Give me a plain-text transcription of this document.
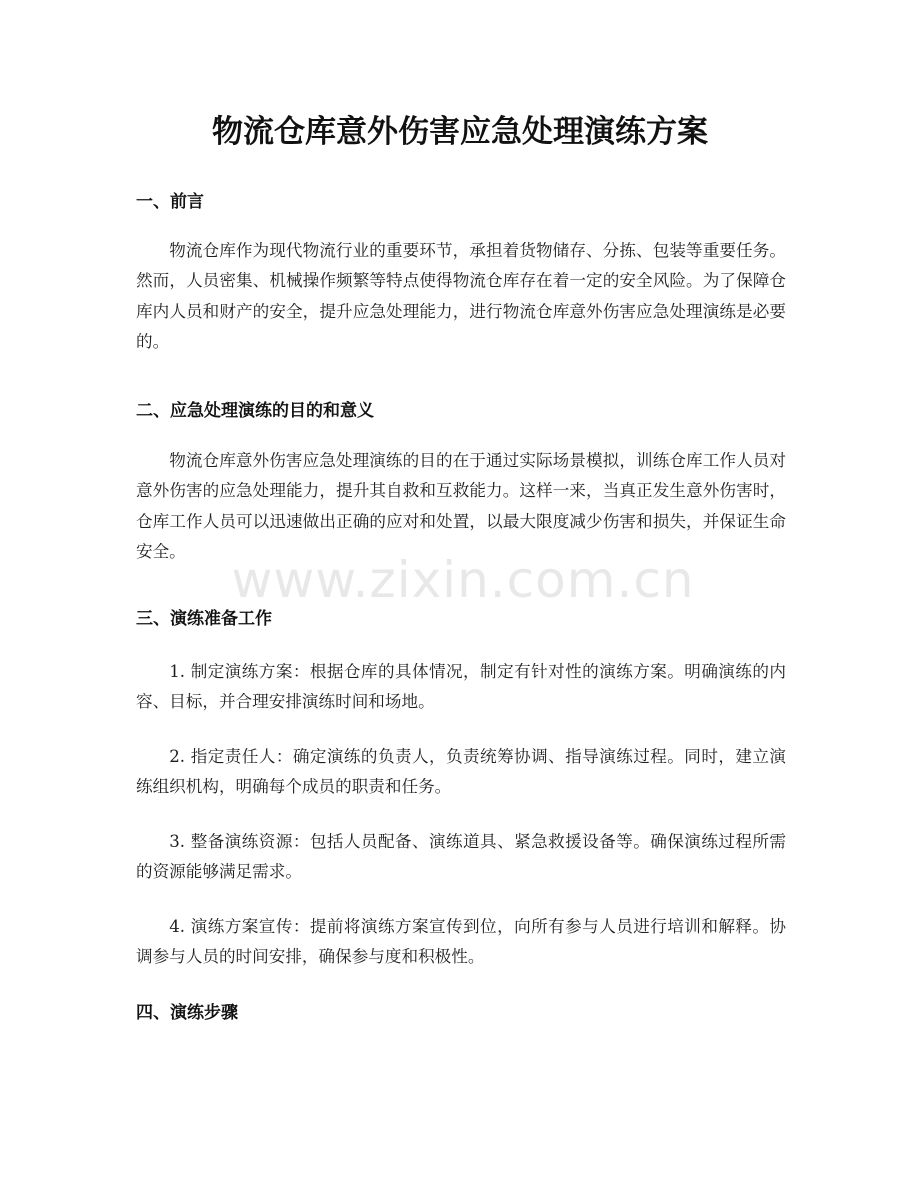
物流仓库意外伤害应急处理演练方案
一、前言

物流仓库作为现代物流行业的重要环节，承担着货物储存、分拣、包装等重要任务。然而，人员密集、机械操作频繁等特点使得物流仓库存在着一定的安全风险。为了保障仓库内人员和财产的安全，提升应急处理能力，进行物流仓库意外伤害应急处理演练是必要的。

二、应急处理演练的目的和意义

物流仓库意外伤害应急处理演练的目的在于通过实际场景模拟，训练仓库工作人员对意外伤害的应急处理能力，提升其自救和互救能力。这样一来，当真正发生意外伤害时，仓库工作人员可以迅速做出正确的应对和处置，以最大限度减少伤害和损失，并保证生命安全。

三、演练准备工作

1. 制定演练方案：根据仓库的具体情况，制定有针对性的演练方案。明确演练的内容、目标，并合理安排演练时间和场地。

2. 指定责任人：确定演练的负责人，负责统筹协调、指导演练过程。同时，建立演练组织机构，明确每个成员的职责和任务。

3. 整备演练资源：包括人员配备、演练道具、紧急救援设备等。确保演练过程所需的资源能够满足需求。

4. 演练方案宣传：提前将演练方案宣传到位，向所有参与人员进行培训和解释。协调参与人员的时间安排，确保参与度和积极性。

四、演练步骤
www.zixin.com.cn
